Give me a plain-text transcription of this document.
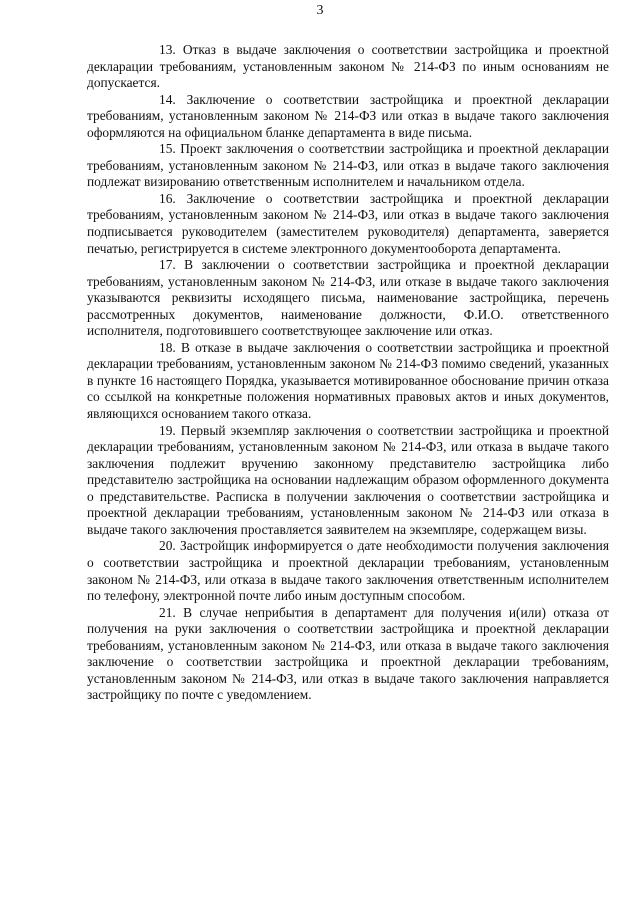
3

13. Отказ в выдаче заключения о соответствии застройщика и проектной декларации требованиям, установленным законом № 214-ФЗ по иным основаниям не допускается.

14. Заключение о соответствии застройщика и проектной декларации требованиям, установленным законом № 214-ФЗ или отказ в выдаче такого заключения оформляются на официальном бланке департамента в виде письма.

15. Проект заключения о соответствии застройщика и проектной декларации требованиям, установленным законом № 214-ФЗ, или отказ в выдаче такого заключения подлежат визированию ответственным исполнителем и начальником отдела.

16. Заключение о соответствии застройщика и проектной декларации требованиям, установленным законом № 214-ФЗ, или отказ в выдаче такого заключения подписывается руководителем (заместителем руководителя) департамента, заверяется печатью, регистрируется в системе электронного документооборота департамента.

17. В заключении о соответствии застройщика и проектной декларации требованиям, установленным законом № 214-ФЗ, или отказе в выдаче такого заключения указываются реквизиты исходящего письма, наименование застройщика, перечень рассмотренных документов, наименование должности, Ф.И.О. ответственного исполнителя, подготовившего соответствующее заключение или отказ.

18. В отказе в выдаче заключения о соответствии застройщика и проектной декларации требованиям, установленным законом № 214-ФЗ помимо сведений, указанных в пункте 16 настоящего Порядка, указывается мотивированное обоснование причин отказа со ссылкой на конкретные положения нормативных правовых актов и иных документов, являющихся основанием такого отказа.

19. Первый экземпляр заключения о соответствии застройщика и проектной декларации требованиям, установленным законом № 214-ФЗ, или отказа в выдаче такого заключения подлежит вручению законному представителю застройщика либо представителю застройщика на основании надлежащим образом оформленного документа о представительстве. Расписка в получении заключения о соответствии застройщика и проектной декларации требованиям, установленным законом № 214-ФЗ или отказа в выдаче такого заключения проставляется заявителем на экземпляре, содержащем визы.

20. Застройщик информируется о дате необходимости получения заключения о соответствии застройщика и проектной декларации требованиям, установленным законом № 214-ФЗ, или отказа в выдаче такого заключения ответственным исполнителем по телефону, электронной почте либо иным доступным способом.

21. В случае неприбытия в департамент для получения и(или) отказа от получения на руки заключения о соответствии застройщика и проектной декларации требованиям, установленным законом № 214-ФЗ, или отказа в выдаче такого заключения заключение о соответствии застройщика и проектной декларации требованиям, установленным законом № 214-ФЗ, или отказ в выдаче такого заключения направляется застройщику по почте с уведомлением.
